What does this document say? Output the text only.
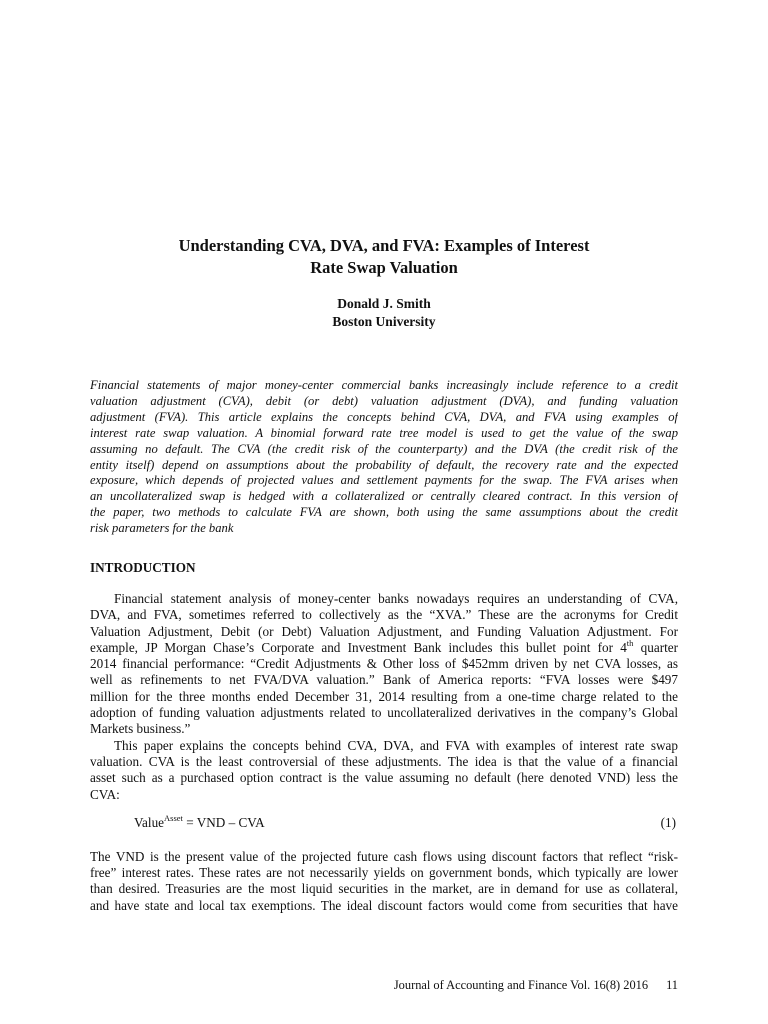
Understanding CVA, DVA, and FVA: Examples of Interest
Rate Swap Valuation
Donald J. Smith
Boston University
Financial statements of major money-center commercial banks increasingly include reference to a credit
valuation adjustment (CVA), debit (or debt) valuation adjustment (DVA), and funding valuation
adjustment (FVA). This article explains the concepts behind CVA, DVA, and FVA using examples of
interest rate swap valuation. A binomial forward rate tree model is used to get the value of the swap
assuming no default. The CVA (the credit risk of the counterparty) and the DVA (the credit risk of the
entity itself) depend on assumptions about the probability of default, the recovery rate and the expected
exposure, which depends of projected values and settlement payments for the swap. The FVA arises when
an uncollateralized swap is hedged with a collateralized or centrally cleared contract. In this version of
the paper, two methods to calculate FVA are shown, both using the same assumptions about the credit
risk parameters for the bank
INTRODUCTION
Financial statement analysis of money-center banks nowadays requires an understanding of CVA,
DVA, and FVA, sometimes referred to collectively as the “XVA.” These are the acronyms for Credit
Valuation Adjustment, Debit (or Debt) Valuation Adjustment, and Funding Valuation Adjustment. For
example, JP Morgan Chase’s Corporate and Investment Bank includes this bullet point for 4th quarter
2014 financial performance: “Credit Adjustments & Other loss of $452mm driven by net CVA losses, as
well as refinements to net FVA/DVA valuation.” Bank of America reports: “FVA losses were $497
million for the three months ended December 31, 2014 resulting from a one-time charge related to the
adoption of funding valuation adjustments related to uncollateralized derivatives in the company’s Global
Markets business.”
This paper explains the concepts behind CVA, DVA, and FVA with examples of interest rate swap
valuation. CVA is the least controversial of these adjustments. The idea is that the value of a financial
asset such as a purchased option contract is the value assuming no default (here denoted VND) less the
CVA:
Value$^{Asset}$ = VND – CVA	(1)
The VND is the present value of the projected future cash flows using discount factors that reflect “risk-
free” interest rates. These rates are not necessarily yields on government bonds, which typically are lower
than desired. Treasuries are the most liquid securities in the market, are in demand for use as collateral,
and have state and local tax exemptions. The ideal discount factors would come from securities that have
Journal of Accounting and Finance Vol. 16(8) 2016 11
